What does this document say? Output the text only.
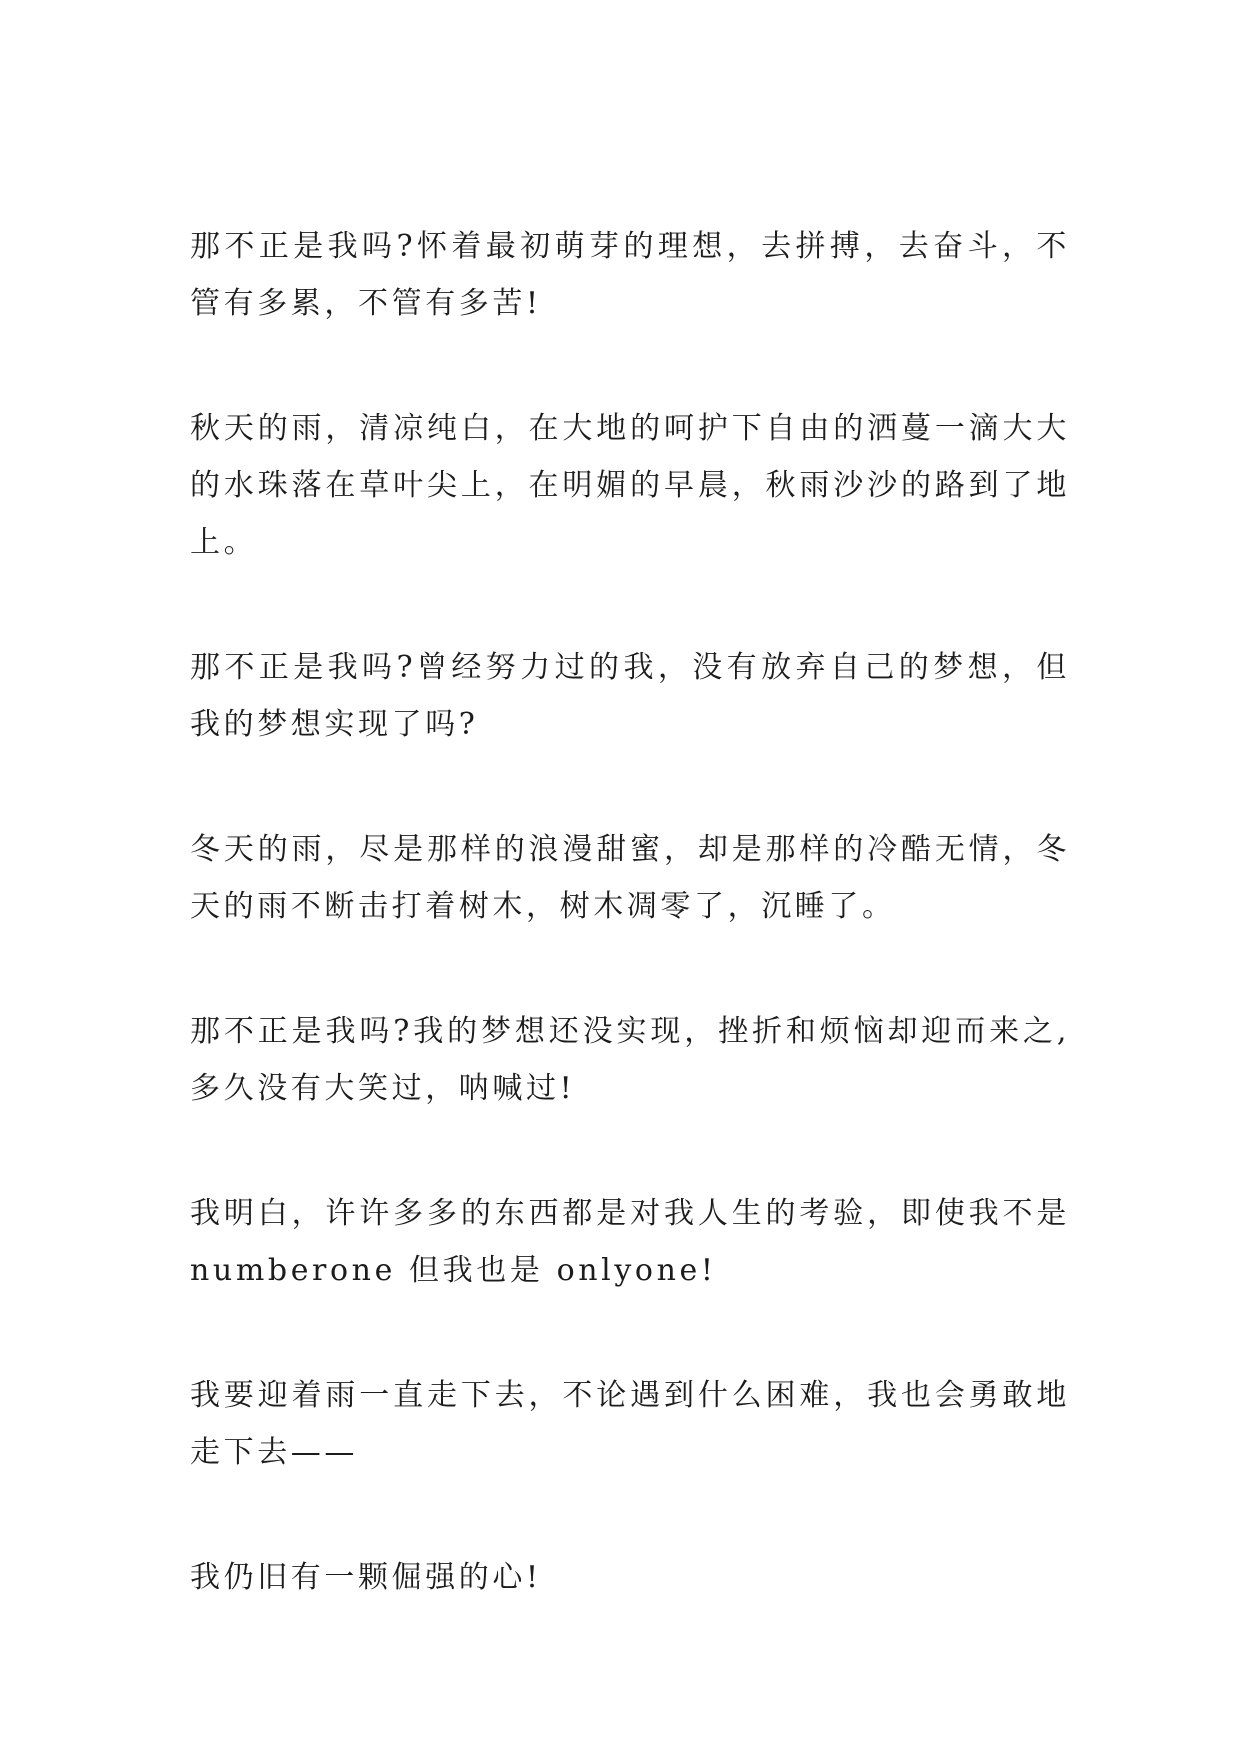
那不正是我吗?怀着最初萌芽的理想，去拼搏，去奋斗，不管有多累，不管有多苦!

秋天的雨，清凉纯白，在大地的呵护下自由的洒蔓一滴大大的水珠落在草叶尖上，在明媚的早晨，秋雨沙沙的路到了地上。

那不正是我吗?曾经努力过的我，没有放弃自己的梦想，但我的梦想实现了吗?

冬天的雨，尽是那样的浪漫甜蜜，却是那样的冷酷无情，冬天的雨不断击打着树木，树木凋零了，沉睡了。

那不正是我吗?我的梦想还没实现，挫折和烦恼却迎而来之,多久没有大笑过，呐喊过!

我明白，许许多多的东西都是对我人生的考验，即使我不是numberone 但我也是 onlyone!

我要迎着雨一直走下去，不论遇到什么困难，我也会勇敢地走下去——

我仍旧有一颗倔强的心!
